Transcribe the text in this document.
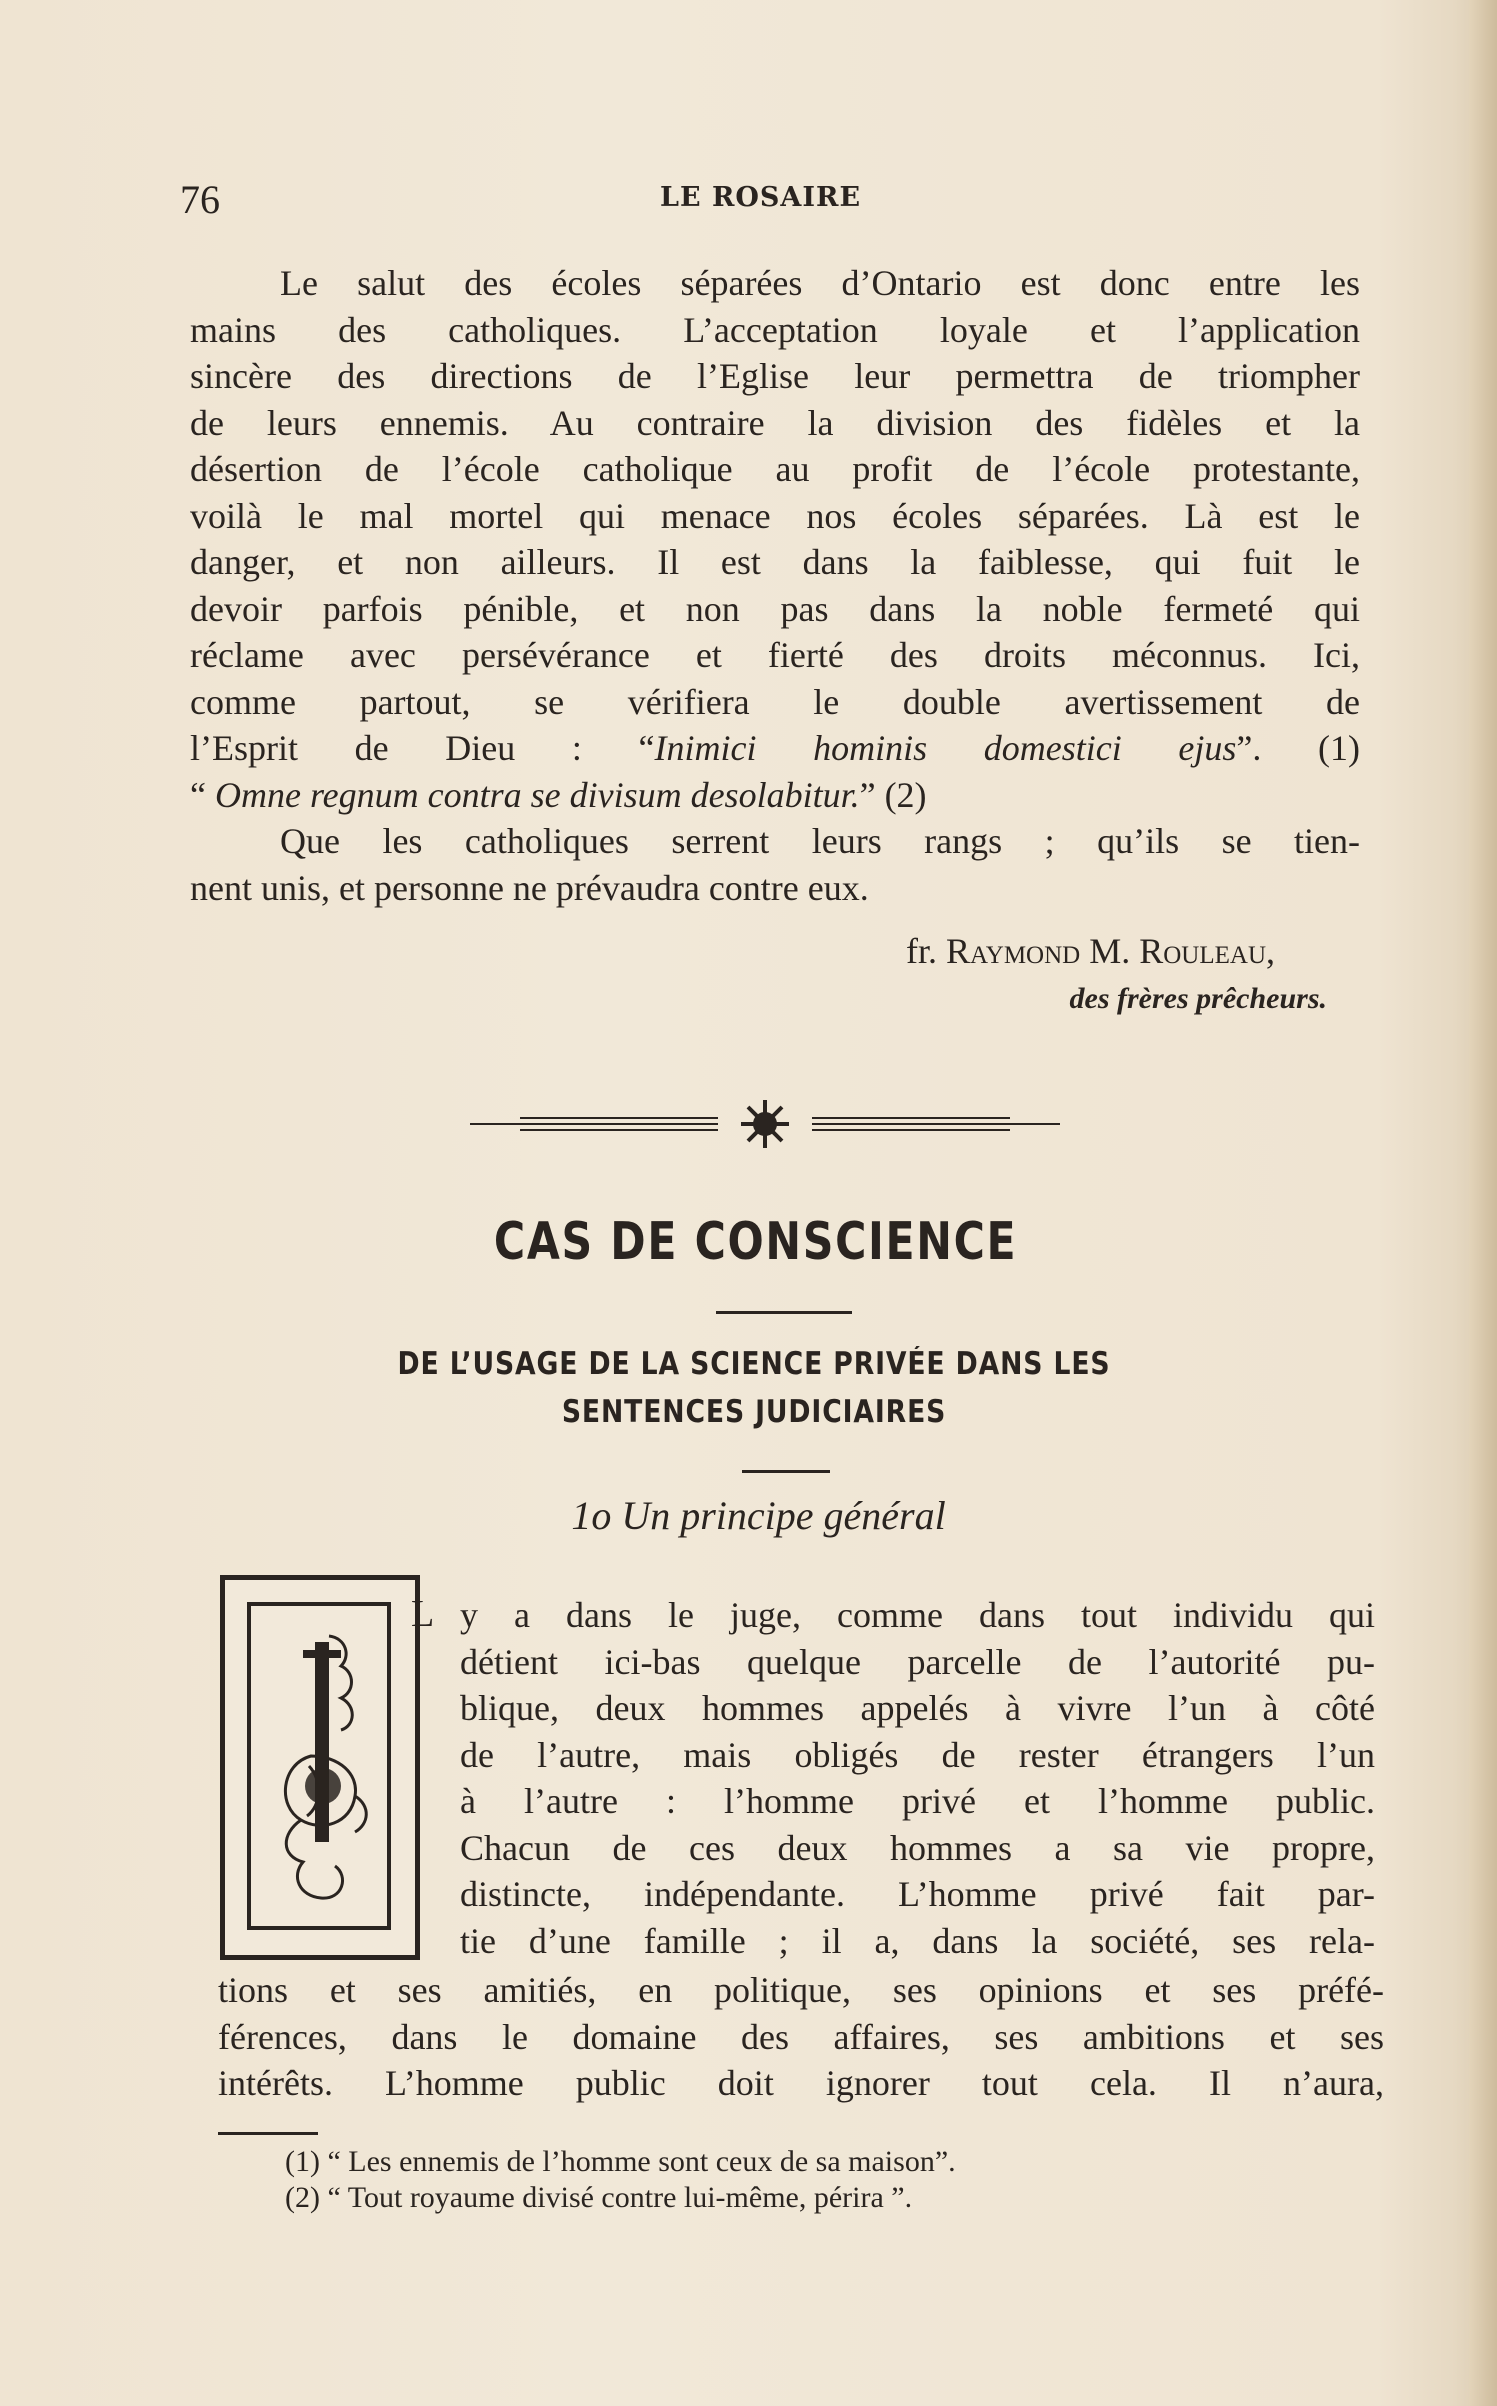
76	LE ROSAIRE
Le salut des écoles séparées d’Ontario est donc entre les
mains des catholiques. L’acceptation loyale et l’application
sincère des directions de l’Eglise leur permettra de triompher
de leurs ennemis. Au contraire la division des fidèles et la
désertion de l’école catholique au profit de l’école protestante,
voilà le mal mortel qui menace nos écoles séparées. Là est le
danger, et non ailleurs. Il est dans la faiblesse, qui fuit le
devoir parfois pénible, et non pas dans la noble fermeté qui
réclame avec persévérance et fierté des droits méconnus. Ici,
comme partout, se vérifiera le double avertissement de
l’Esprit de Dieu : “Inimici hominis domestici ejus”. (1)
“ Omne regnum contra se divisum desolabitur.” (2)
Que les catholiques serrent leurs rangs ; qu’ils se tien-
nent unis, et personne ne prévaudra contre eux.
fr. Raymond M. Rouleau,
des frères prêcheurs.
CAS DE CONSCIENCE
DE L’USAGE DE LA SCIENCE PRIVÉE DANS LES
SENTENCES JUDICIAIRES
1o Un principe général
L y a dans le juge, comme dans tout individu qui
détient ici-bas quelque parcelle de l’autorité pu-
blique, deux hommes appelés à vivre l’un à côté
de l’autre, mais obligés de rester étrangers l’un
à l’autre : l’homme privé et l’homme public.
Chacun de ces deux hommes a sa vie propre,
distincte, indépendante. L’homme privé fait par-
tie d’une famille ; il a, dans la société, ses rela-
tions et ses amitiés, en politique, ses opinions et ses préfé-
férences, dans le domaine des affaires, ses ambitions et ses
intérêts. L’homme public doit ignorer tout cela. Il n’aura,
(1) “ Les ennemis de l’homme sont ceux de sa maison”.
(2) “ Tout royaume divisé contre lui-même, périra ”.
